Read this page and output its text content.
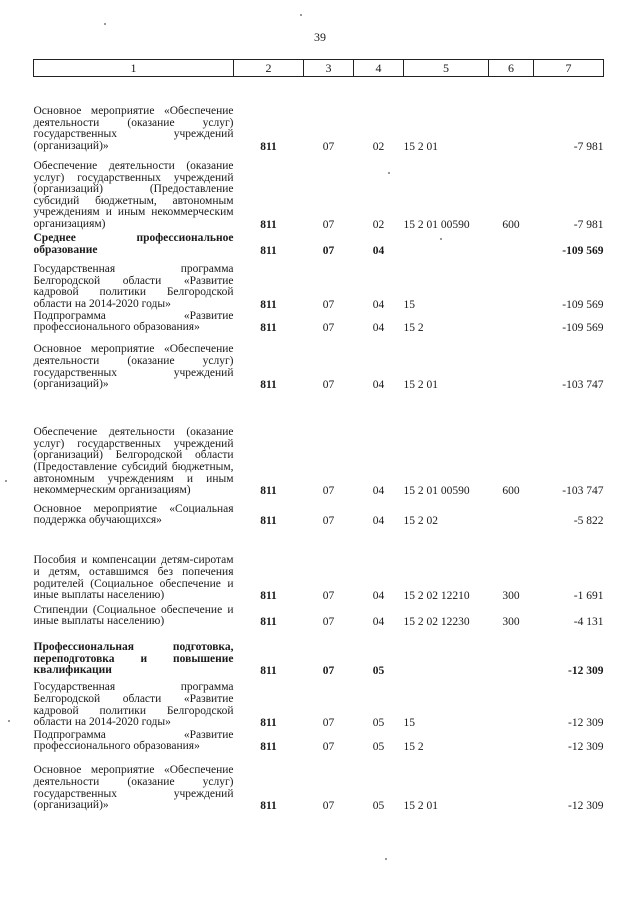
39
1	2	3	4	5	6	7
Основное мероприятие «Обеспечение деятельности (оказание услуг) государственных учреждений (организаций)»	811	07	02	15 2 01		-7 981
Обеспечение деятельности (оказание услуг) государственных учреждений (организаций) (Предоставление субсидий бюджетным, автономным учреждениям и иным некоммерческим организациям)	811	07	02	15 2 01 00590	600	-7 981
Среднее профессиональное образование	811	07	04			-109 569
Государственная программа Белгородской области «Развитие кадровой политики Белгородской области на 2014-2020 годы»	811	07	04	15		-109 569
Подпрограмма «Развитие профессионального образования»	811	07	04	15 2		-109 569
Основное мероприятие «Обеспечение деятельности (оказание услуг) государственных учреждений (организаций)»	811	07	04	15 2 01		-103 747
Обеспечение деятельности (оказание услуг) государственных учреждений (организаций) Белгородской области (Предоставление субсидий бюджетным, автономным учреждениям и иным некоммерческим организациям)	811	07	04	15 2 01 00590	600	-103 747
Основное мероприятие «Социальная поддержка обучающихся»	811	07	04	15 2 02		-5 822
Пособия и компенсации детям-сиротам и детям, оставшимся без попечения родителей (Социальное обеспечение и иные выплаты населению)	811	07	04	15 2 02 12210	300	-1 691
Стипендии (Социальное обеспечение и иные выплаты населению)	811	07	04	15 2 02 12230	300	-4 131
Профессиональная подготовка, переподготовка и повышение квалификации	811	07	05			-12 309
Государственная программа Белгородской области «Развитие кадровой политики Белгородской области на 2014-2020 годы»	811	07	05	15		-12 309
Подпрограмма «Развитие профессионального образования»	811	07	05	15 2		-12 309
Основное мероприятие «Обеспечение деятельности (оказание услуг) государственных учреждений (организаций)»	811	07	05	15 2 01		-12 309
